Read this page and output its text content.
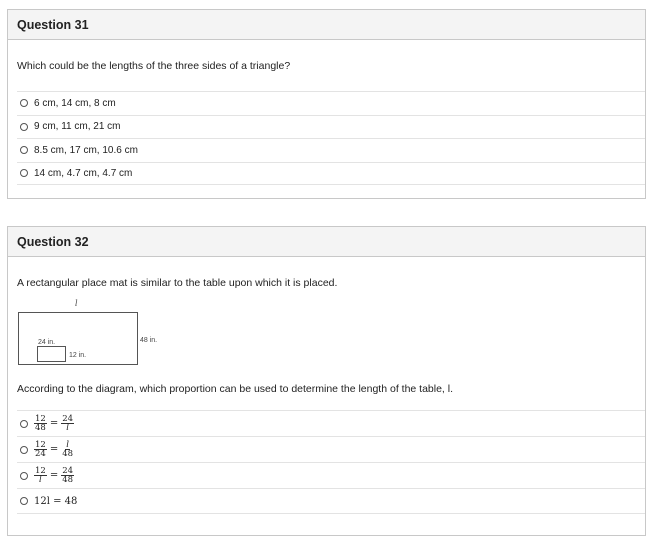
Question 31
Which could be the lengths of the three sides of a triangle?
6 cm, 14 cm, 8 cm
9 cm, 11 cm, 21 cm
8.5 cm, 17 cm, 10.6 cm
14 cm, 4.7 cm, 4.7 cm
Question 32
A rectangular place mat is similar to the table upon which it is placed.
l
48 in.
24 in.
12 in.
According to the diagram, which proportion can be used to determine the length of the table, l.
$\frac{12}{48} = \frac{24}{l}$
$\frac{12}{24} = \frac{l}{48}$
$\frac{12}{l} = \frac{24}{48}$
12l = 48
